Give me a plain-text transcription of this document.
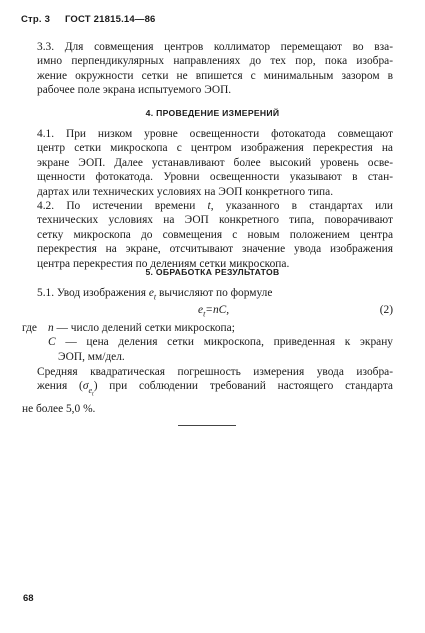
Стр. 3 ГОСТ 21815.14—86
3.3. Для совмещения центров коллиматор перемещают во вза-
имно перпендикулярных направлениях до тех пор, пока изобра-
жение окружности сетки не впишется с минимальным зазором в
рабочее поле экрана испытуемого ЭОП.
4. ПРОВЕДЕНИЕ ИЗМЕРЕНИЙ
4.1. При низком уровне освещенности фотокатода совмещают
центр сетки микроскопа с центром изображения перекрестия на
экране ЭОП. Далее устанавливают более высокий уровень осве-
щенности фотокатода. Уровни освещенности указывают в стан-
дартах или технических условиях на ЭОП конкретного типа.
4.2. По истечении времени t, указанного в стандартах или
технических условиях на ЭОП конкретного типа, поворачивают
сетку микроскопа до совмещения с новым положением центра
перекрестия на экране, отсчитывают значение увода изображения
центра перекрестия по делениям сетки микроскопа.
5. ОБРАБОТКА РЕЗУЛЬТАТОВ
5.1. Увод изображения $e_t$ вычисляют по формуле
$e_t=nC$,	(2)
где n — число делений сетки микроскопа;
C — цена деления сетки микроскопа, приведенная к экрану
ЭОП, мм/дел.
Средняя квадратическая погрешность измерения увода изобра-
жения $(\sigma_{e_t})$ при соблюдении требований настоящего стандарта
не более 5,0 %.
68
